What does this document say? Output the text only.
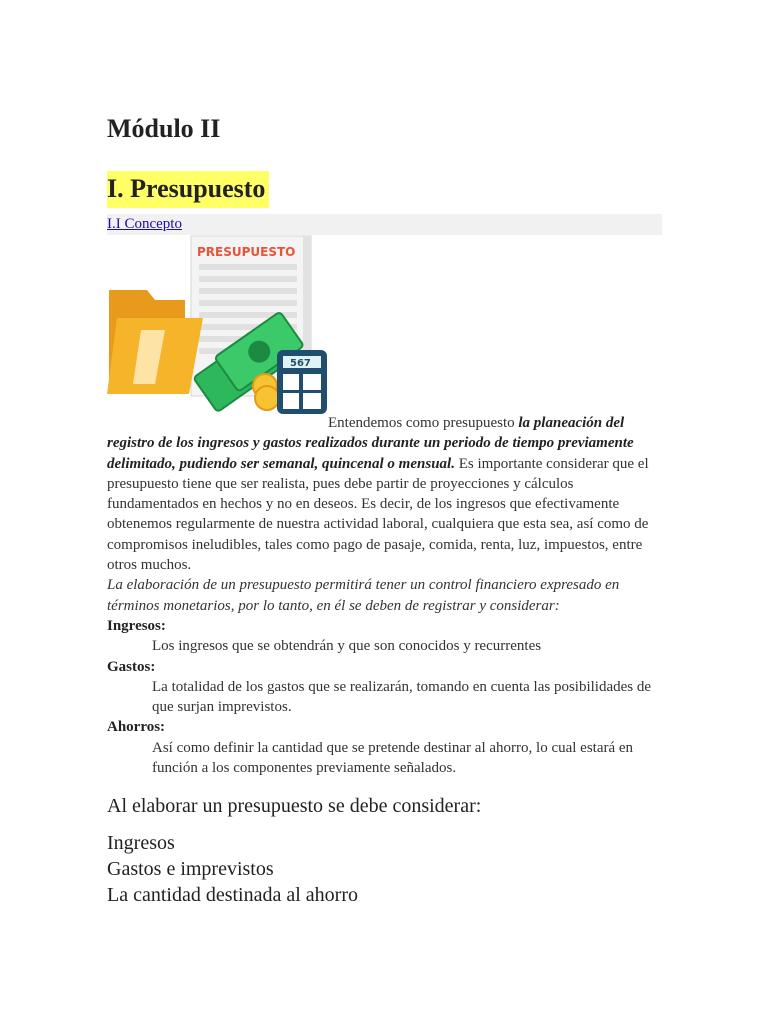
Módulo II
I. Presupuesto
I.I Concepto
PRESUPUESTO
567

Entendemos como presupuesto la planeación del registro de los ingresos y gastos realizados durante un periodo de tiempo previamente delimitado, pudiendo ser semanal, quincenal o mensual. Es importante considerar que el presupuesto tiene que ser realista, pues debe partir de proyecciones y cálculos fundamentados en hechos y no en deseos. Es decir, de los ingresos que efectivamente obtenemos regularmente de nuestra actividad laboral, cualquiera que esta sea, así como de compromisos ineludibles, tales como pago de pasaje, comida, renta, luz, impuestos, entre otros muchos.

La elaboración de un presupuesto permitirá tener un control financiero expresado en términos monetarios, por lo tanto, en él se deben de registrar y considerar:

Ingresos:
Los ingresos que se obtendrán y que son conocidos y recurrentes
Gastos:
La totalidad de los gastos que se realizarán, tomando en cuenta las posibilidades de que surjan imprevistos.
Ahorros:
Así como definir la cantidad que se pretende destinar al ahorro, lo cual estará en función a los componentes previamente señalados.
Al elaborar un presupuesto se debe considerar:
Ingresos
Gastos e imprevistos
La cantidad destinada al ahorro
